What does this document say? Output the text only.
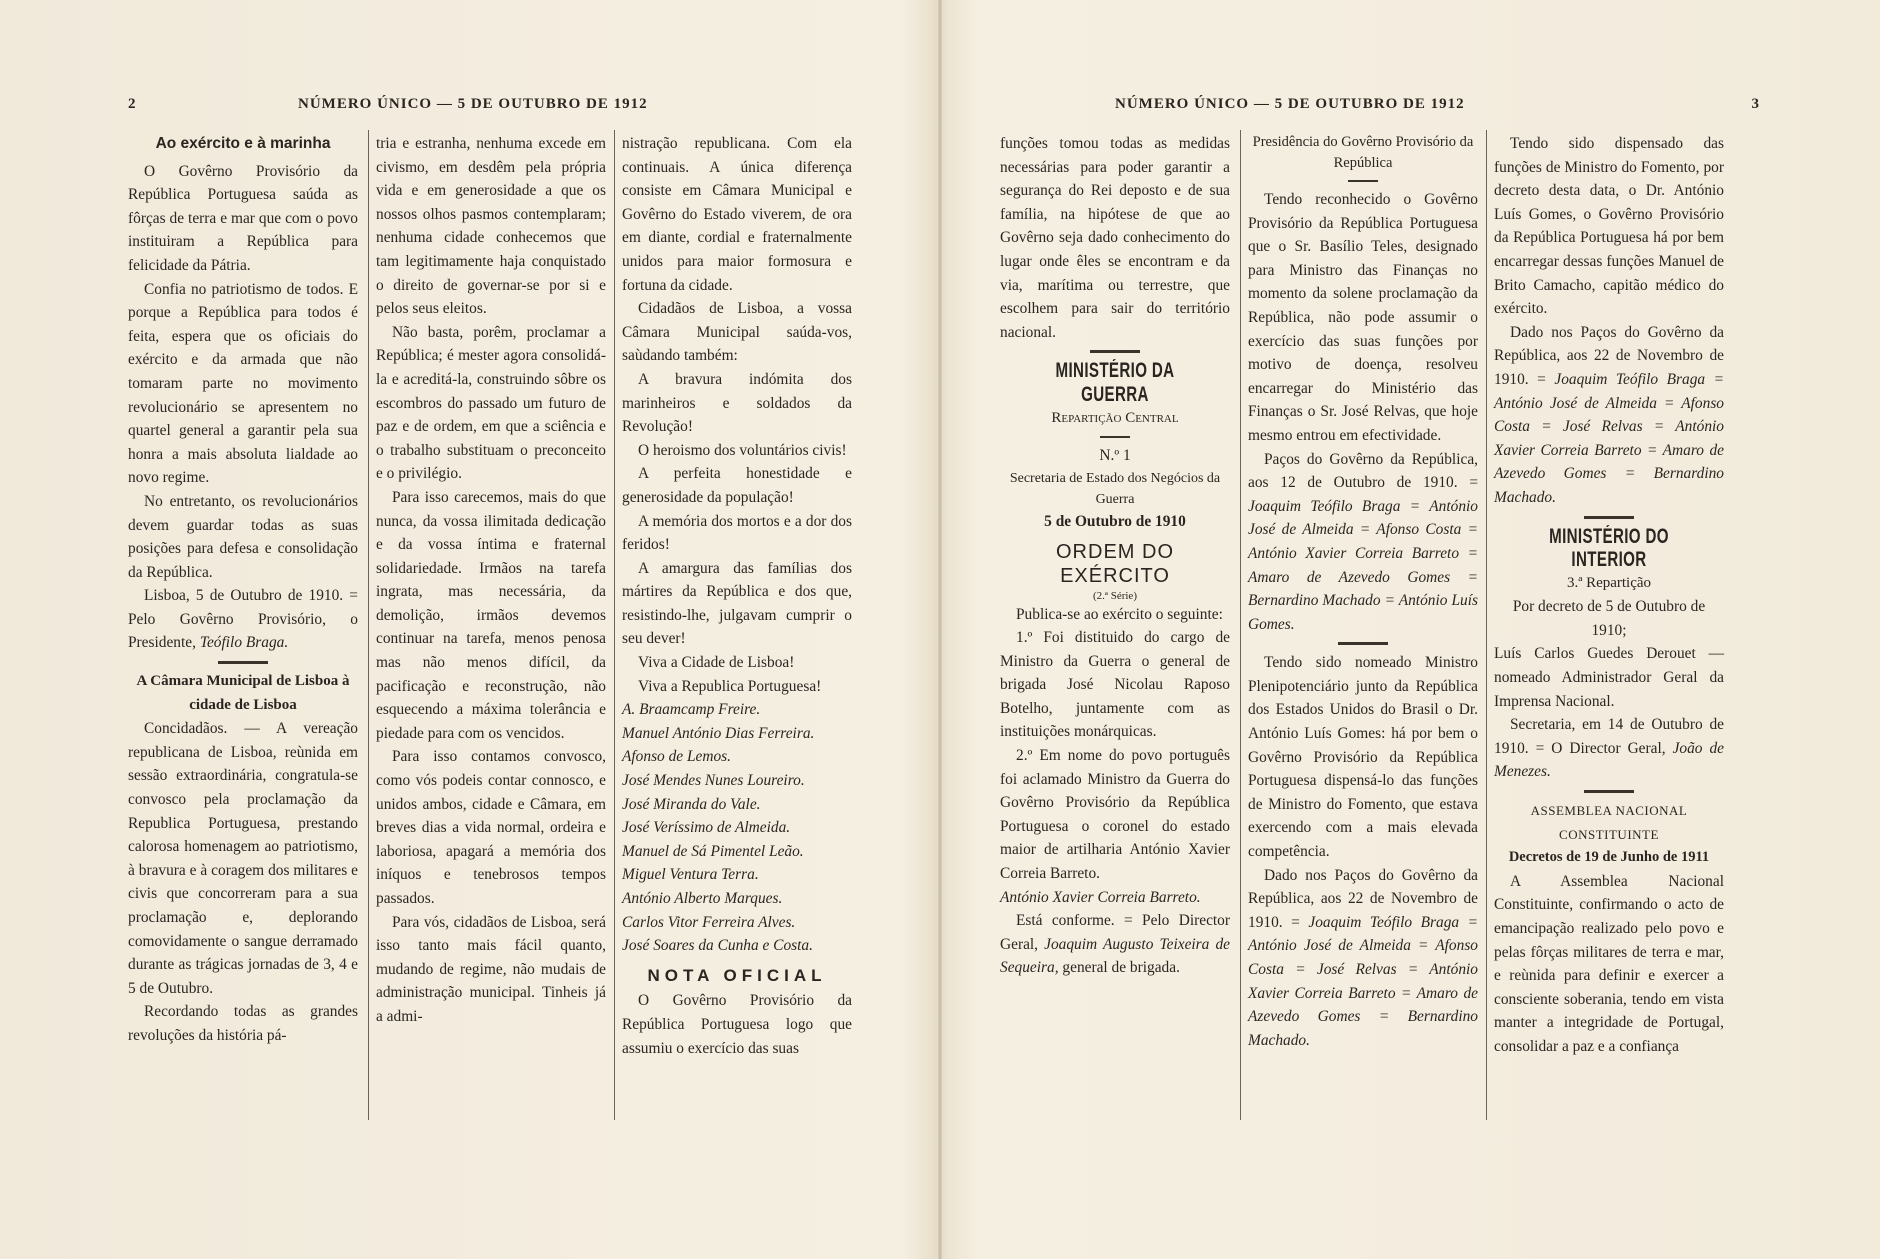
2	NÚMERO ÚNICO — 5 DE OUTUBRO DE 1912
Ao exército e à marinha

O Govêrno Provisório da República Portuguesa saúda as fôrças de terra e mar que com o povo instituiram a República para felicidade da Pátria.

Confia no patriotismo de todos. E porque a República para todos é feita, espera que os oficiais do exército e da armada que não tomaram parte no movimento revolucionário se apresentem no quartel general a garantir pela sua honra a mais absoluta lialdade ao novo regime.

No entretanto, os revolucionários devem guardar todas as suas posições para defesa e consolidação da República.

Lisboa, 5 de Outubro de 1910. = Pelo Govêrno Provisório, o Presidente, Teófilo Braga.

A Câmara Municipal de Lisboa à cidade de Lisboa

Concidadãos. — A vereação republicana de Lisboa, reùnida em sessão extraordinária, congratula-se convosco pela proclamação da Republica Portuguesa, prestando calorosa homenagem ao patriotismo, à bravura e à coragem dos militares e civis que concorreram para a sua proclamação e, deplorando comovidamente o sangue derramado durante as trágicas jornadas de 3, 4 e 5 de Outubro.

Recordando todas as grandes revoluções da história pá-

tria e estranha, nenhuma excede em civismo, em desdêm pela própria vida e em generosidade a que os nossos olhos pasmos contemplaram; nenhuma cidade conhecemos que tam legitimamente haja conquistado o direito de governar-se por si e pelos seus eleitos.

Não basta, porêm, proclamar a República; é mester agora consolidá-la e acreditá-la, construindo sôbre os escombros do passado um futuro de paz e de ordem, em que a sciência e o trabalho substituam o preconceito e o privilégio.

Para isso carecemos, mais do que nunca, da vossa ilimitada dedicação e da vossa íntima e fraternal solidariedade. Irmãos na tarefa ingrata, mas necessária, da demolição, irmãos devemos continuar na tarefa, menos penosa mas não menos difícil, da pacificação e reconstrução, não esquecendo a máxima tolerância e piedade para com os vencidos.

Para isso contamos convosco, como vós podeis contar connosco, e unidos ambos, cidade e Câmara, em breves dias a vida normal, ordeira e laboriosa, apagará a memória dos iníquos e tenebrosos tempos passados.

Para vós, cidadãos de Lisboa, será isso tanto mais fácil quanto, mudando de regime, não mudais de administração municipal. Tinheis já a admi-

nistração republicana. Com ela continuais. A única diferença consiste em Câmara Municipal e Govêrno do Estado viverem, de ora em diante, cordial e fraternalmente unidos para maior formosura e fortuna da cidade.

Cidadãos de Lisboa, a vossa Câmara Municipal saúda-vos, saùdando também:

A bravura indómita dos marinheiros e soldados da Revolução!

O heroismo dos voluntários civis!

A perfeita honestidade e generosidade da população!

A memória dos mortos e a dor dos feridos!

A amargura das famílias dos mártires da República e dos que, resistindo-lhe, julgavam cumprir o seu dever!

Viva a Cidade de Lisboa!

Viva a Republica Portuguesa!

A. Braamcamp Freire.

Manuel António Dias Ferreira.

Afonso de Lemos.

José Mendes Nunes Loureiro.

José Miranda do Vale.

José Veríssimo de Almeida.

Manuel de Sá Pimentel Leão.

Miguel Ventura Terra.

António Alberto Marques.

Carlos Vitor Ferreira Alves.

José Soares da Cunha e Costa.

NOTA OFICIAL

O Govêrno Provisório da República Portuguesa logo que assumiu o exercício das suas

NÚMERO ÚNICO — 5 DE OUTUBRO DE 1912	3

funções tomou todas as medidas necessárias para poder garantir a segurança do Rei deposto e de sua família, na hipótese de que ao Govêrno seja dado conhecimento do lugar onde êles se encontram e da via, marítima ou terrestre, que escolhem para sair do território nacional.

MINISTÉRIO DA GUERRA
Repartição Central

N.º 1

Secretaria de Estado dos Negócios da Guerra

5 de Outubro de 1910

ORDEM DO EXÉRCITO
(2.ª Série)

Publica-se ao exército o seguinte:

1.º Foi distituido do cargo de Ministro da Guerra o general de brigada José Nicolau Raposo Botelho, juntamente com as instituições monárquicas.

2.º Em nome do povo português foi aclamado Ministro da Guerra do Govêrno Provisório da República Portuguesa o coronel do estado maior de artilharia António Xavier Correia Barreto.

António Xavier Correia Barreto.

Está conforme. = Pelo Director Geral, Joaquim Augusto Teixeira de Sequeira, general de brigada.

Presidência do Govêrno Provisório da República

Tendo reconhecido o Govêrno Provisório da República Portuguesa que o Sr. Basílio Teles, designado para Ministro das Finanças no momento da solene proclamação da República, não pode assumir o exercício das suas funções por motivo de doença, resolveu encarregar do Ministério das Finanças o Sr. José Relvas, que hoje mesmo entrou em efectividade.

Paços do Govêrno da República, aos 12 de Outubro de 1910. = Joaquim Teófilo Braga = António José de Almeida = Afonso Costa = António Xavier Correia Barreto = Amaro de Azevedo Gomes = Bernardino Machado = António Luís Gomes.

Tendo sido nomeado Ministro Plenipotenciário junto da República dos Estados Unidos do Brasil o Dr. António Luís Gomes: há por bem o Govêrno Provisório da República Portuguesa dispensá-lo das funções de Ministro do Fomento, que estava exercendo com a mais elevada competência.

Dado nos Paços do Govêrno da República, aos 22 de Novembro de 1910. = Joaquim Teófilo Braga = António José de Almeida = Afonso Costa = José Relvas = António Xavier Correia Barreto = Amaro de Azevedo Gomes = Bernardino Machado.

Tendo sido dispensado das funções de Ministro do Fomento, por decreto desta data, o Dr. António Luís Gomes, o Govêrno Provisório da República Portuguesa há por bem encarregar dessas funções Manuel de Brito Camacho, capitão médico do exército.

Dado nos Paços do Govêrno da República, aos 22 de Novembro de 1910. = Joaquim Teófilo Braga = António José de Almeida = Afonso Costa = José Relvas = António Xavier Correia Barreto = Amaro de Azevedo Gomes = Bernardino Machado.

MINISTÉRIO DO INTERIOR
3.ª Repartição

Por decreto de 5 de Outubro de 1910;

Luís Carlos Guedes Derouet — nomeado Administrador Geral da Imprensa Nacional.

Secretaria, em 14 de Outubro de 1910. = O Director Geral, João de Menezes.

ASSEMBLEA NACIONAL CONSTITUINTE

Decretos de 19 de Junho de 1911

A Assemblea Nacional Constituinte, confirmando o acto de emancipação realizado pelo povo e pelas fôrças militares de terra e mar, e reùnida para definir e exercer a consciente soberania, tendo em vista manter a integridade de Portugal, consolidar a paz e a confiança
